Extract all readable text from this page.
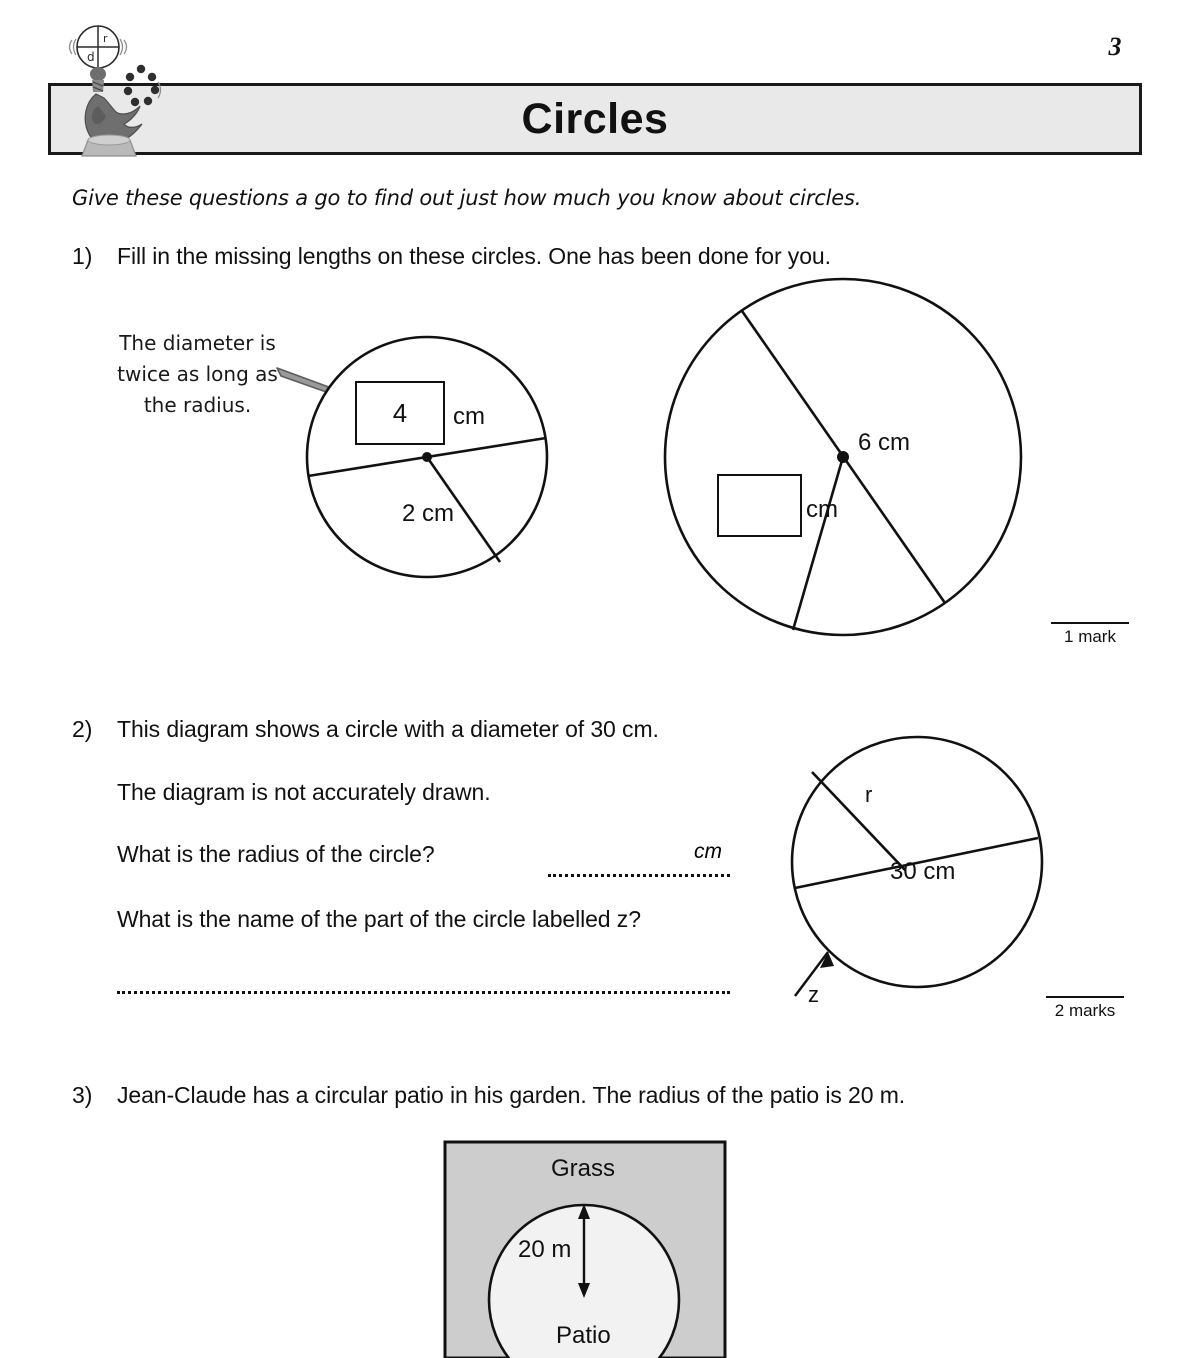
3
Circles
r
d
Give these questions a go to find out just how much you know about circles.
1) Fill in the missing lengths on these circles. One has been done for you.
The diameter is
twice as long as
the radius.	4	cm
2 cm
6 cm
cm
1 mark
2) This diagram shows a circle with a diameter of 30 cm.
The diagram is not accurately drawn.
What is the radius of the circle?	cm
What is the name of the part of the circle labelled z?
r
30 cm
z
2 marks
3) Jean-Claude has a circular patio in his garden. The radius of the patio is 20 m.
Grass
20 m
Patio
